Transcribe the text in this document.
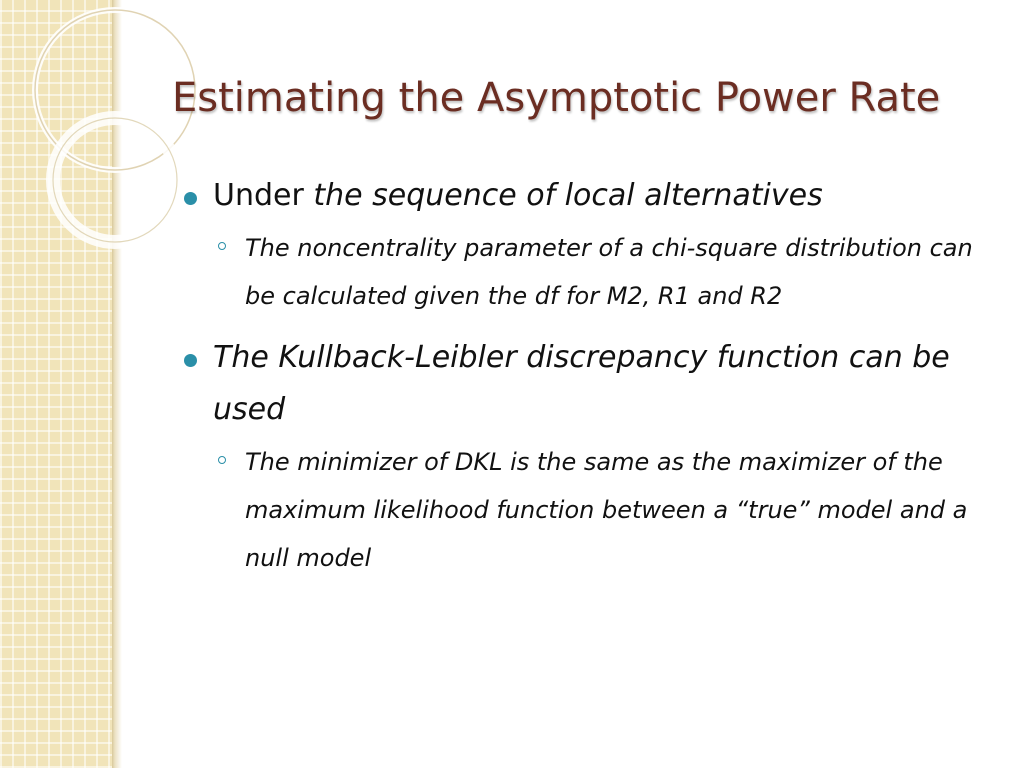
Estimating the Asymptotic Power Rate

Under the sequence of local alternatives

The noncentrality parameter of a chi-square distribution can be calculated given the df for M2, R1 and R2

The Kullback-Leibler discrepancy function can be used

The minimizer of DKL is the same as the maximizer of the maximum likelihood function between a “true” model and a null model
